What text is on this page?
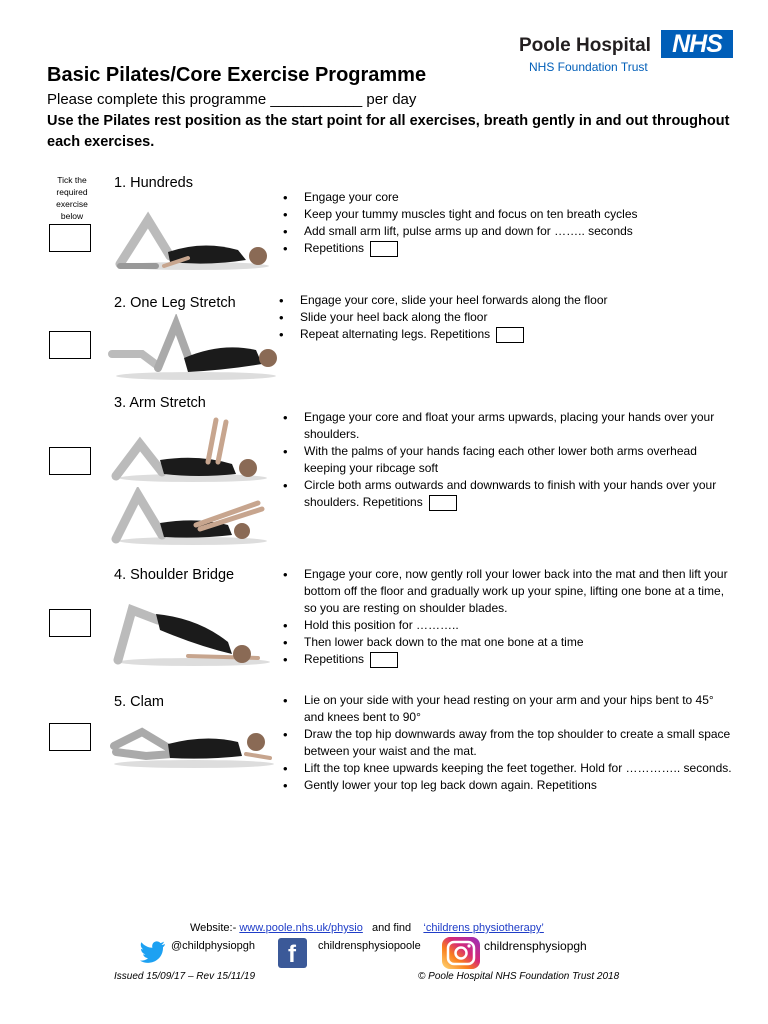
Poole Hospital NHS
NHS Foundation Trust
Basic Pilates/Core Exercise Programme
Please complete this programme ___________ per day
Use the Pilates rest position as the start point for all exercises, breath gently in and out throughout each exercises.
Tick the required exercise below
1. Hundreds
• Engage your core
• Keep your tummy muscles tight and focus on ten breath cycles
• Add small arm lift, pulse arms up and down for …….. seconds
• Repetitions
2. One Leg Stretch	• Engage your core, slide your heel forwards along the floor
• Slide your heel back along the floor
• Repeat alternating legs. Repetitions
3. Arm Stretch
• Engage your core and float your arms upwards, placing your hands over your shoulders.
• With the palms of your hands facing each other lower both arms overhead keeping your ribcage soft
• Circle both arms outwards and downwards to finish with your hands over your shoulders. Repetitions
4. Shoulder Bridge	• Engage your core, now gently roll your lower back into the mat and then lift your bottom off the floor and gradually work up your spine, lifting one bone at a time, so you are resting on shoulder blades.
• Hold this position for ………..
• Then lower back down to the mat one bone at a time
• Repetitions
5. Clam	• Lie on your side with your head resting on your arm and your hips bent to 45° and knees bent to 90°
• Draw the top hip downwards away from the top shoulder to create a small space between your waist and the mat.
• Lift the top knee upwards keeping the feet together. Hold for ………….. seconds.
• Gently lower your top leg back down again. Repetitions
Website:- www.poole.nhs.uk/physio and find ‘childrens physiotherapy’
@childphysiopgh f childrensphysiopoole	childrensphysiopgh
Issued 15/09/17 – Rev 15/11/19	© Poole Hospital NHS Foundation Trust 2018
